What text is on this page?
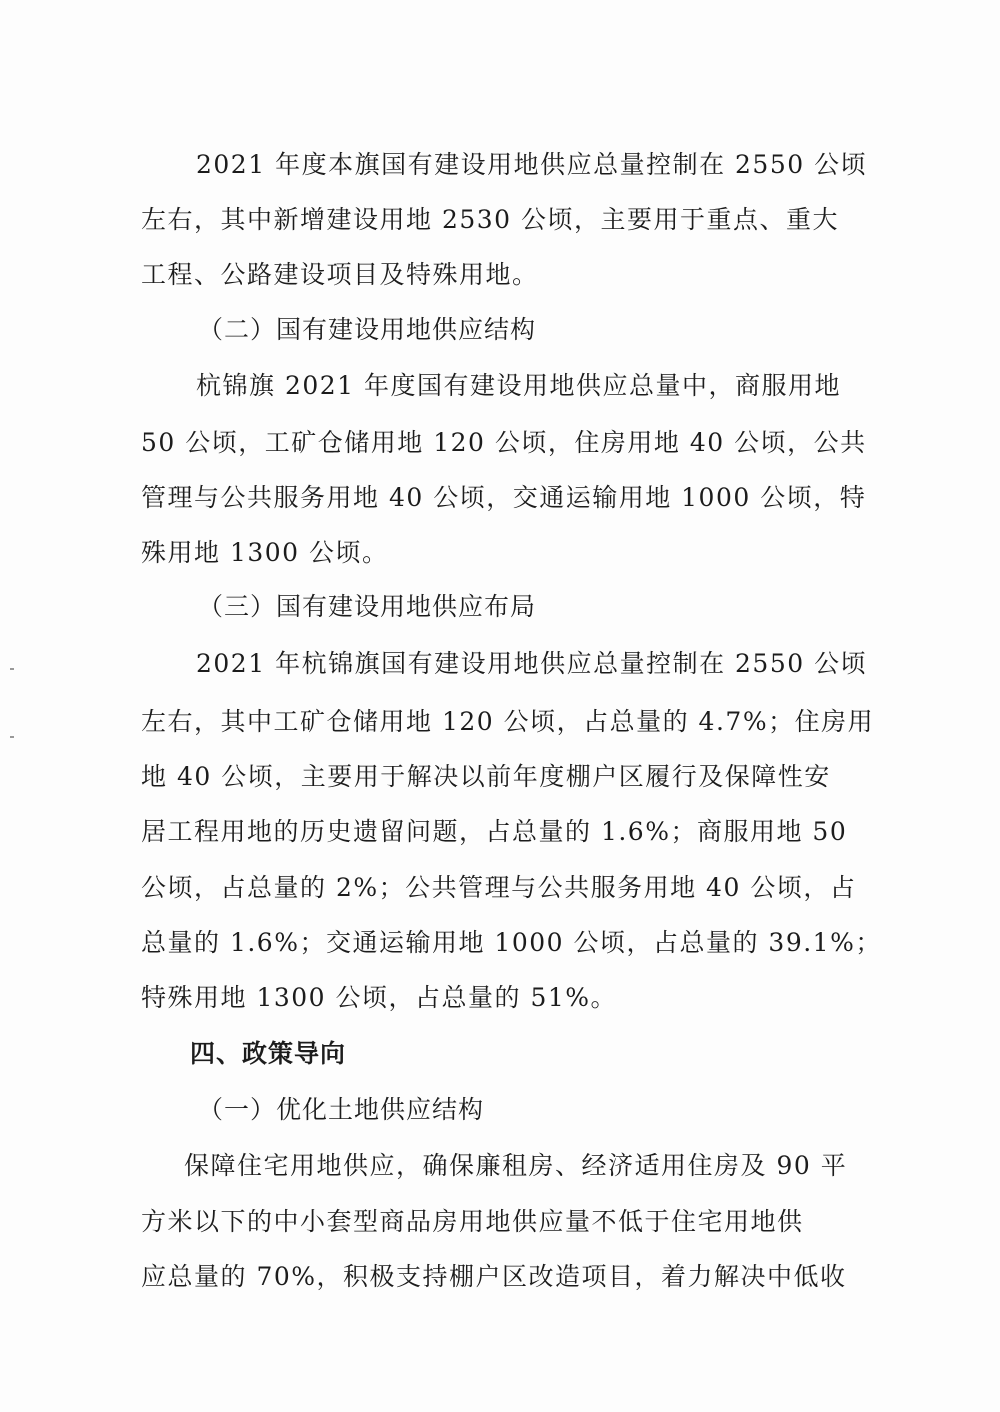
2021 年度本旗国有建设用地供应总量控制在 2550 公顷
左右，其中新增建设用地 2530 公顷，主要用于重点、重大
工程、公路建设项目及特殊用地。
（二）国有建设用地供应结构
杭锦旗 2021 年度国有建设用地供应总量中，商服用地
50 公顷，工矿仓储用地 120 公顷，住房用地 40 公顷，公共
管理与公共服务用地 40 公顷，交通运输用地 1000 公顷，特
殊用地 1300 公顷。
（三）国有建设用地供应布局
2021 年杭锦旗国有建设用地供应总量控制在 2550 公顷
左右，其中工矿仓储用地 120 公顷，占总量的 4.7%；住房用
地 40 公顷，主要用于解决以前年度棚户区履行及保障性安
居工程用地的历史遗留问题，占总量的 1.6%；商服用地 50
公顷，占总量的 2%；公共管理与公共服务用地 40 公顷，占
总量的 1.6%；交通运输用地 1000 公顷，占总量的 39.1%；
特殊用地 1300 公顷，占总量的 51%。
四、政策导向
（一）优化土地供应结构
保障住宅用地供应，确保廉租房、经济适用住房及 90 平
方米以下的中小套型商品房用地供应量不低于住宅用地供
应总量的 70%，积极支持棚户区改造项目，着力解决中低收
